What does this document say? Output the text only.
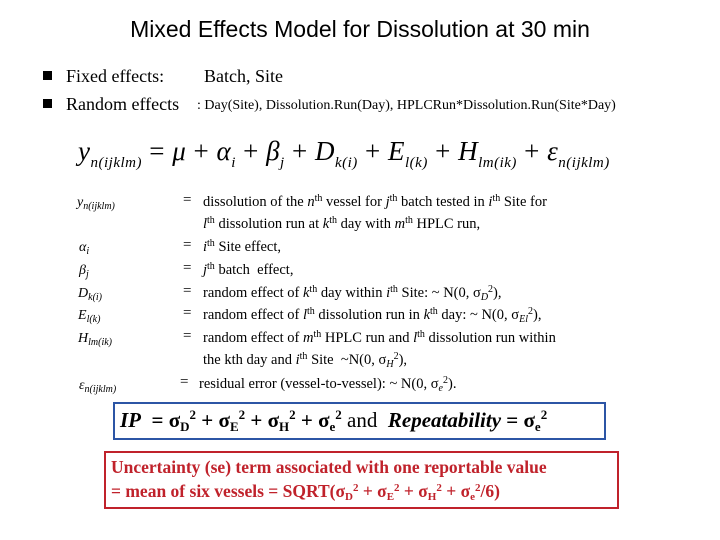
Mixed Effects Model for Dissolution at 30 min
Fixed effects: Batch, Site
Random effects : Day(Site), Dissolution.Run(Day), HPLCRun*Dissolution.Run(Site*Day)
$y_{n(ijklm)} = \mu + \alpha_i + \beta_j + D_{k(i)} + E_{l(k)} + H_{lm(ik)} + \varepsilon_{n(ijklm)}$
$y_{n(ijklm)}$	= dissolution of the $n^{th}$ vessel for $j^{th}$ batch tested in $i^{th}$ Site for
$l^{th}$ dissolution run at $k^{th}$ day with $m^{th}$ HPLC run,
$\alpha_i$	= $i^{th}$ Site effect,
$\beta_j$	= $j^{th}$ batch  effect,
$D_{k(i)}$	= random effect of $k^{th}$ day within $i^{th}$ Site: ~ N(0, $\sigma_D^2$),
$E_{l(k)}$	= random effect of $l^{th}$ dissolution run in $k^{th}$ day: ~ N(0, $\sigma_{El}^2$),
$H_{lm(ik)}$	= random effect of $m^{th}$ HPLC run and $l^{th}$ dissolution run within
the kth day and $i^{th}$ Site  ~N(0, $\sigma_H^2$),
$\varepsilon_{n(ijklm)}$	= residual error (vessel-to-vessel): ~ N(0, $\sigma_e^2$).
IP  = $\sigma_D^2 + \sigma_E^2 + \sigma_H^2 + \sigma_e^2$ and Repeatability = $\sigma_e^2$
Uncertainty (se) term associated with one reportable value
= mean of six vessels = $SQRT(\sigma_D^2 + \sigma_E^2 + \sigma_H^2 + \sigma_e^2/6)$
